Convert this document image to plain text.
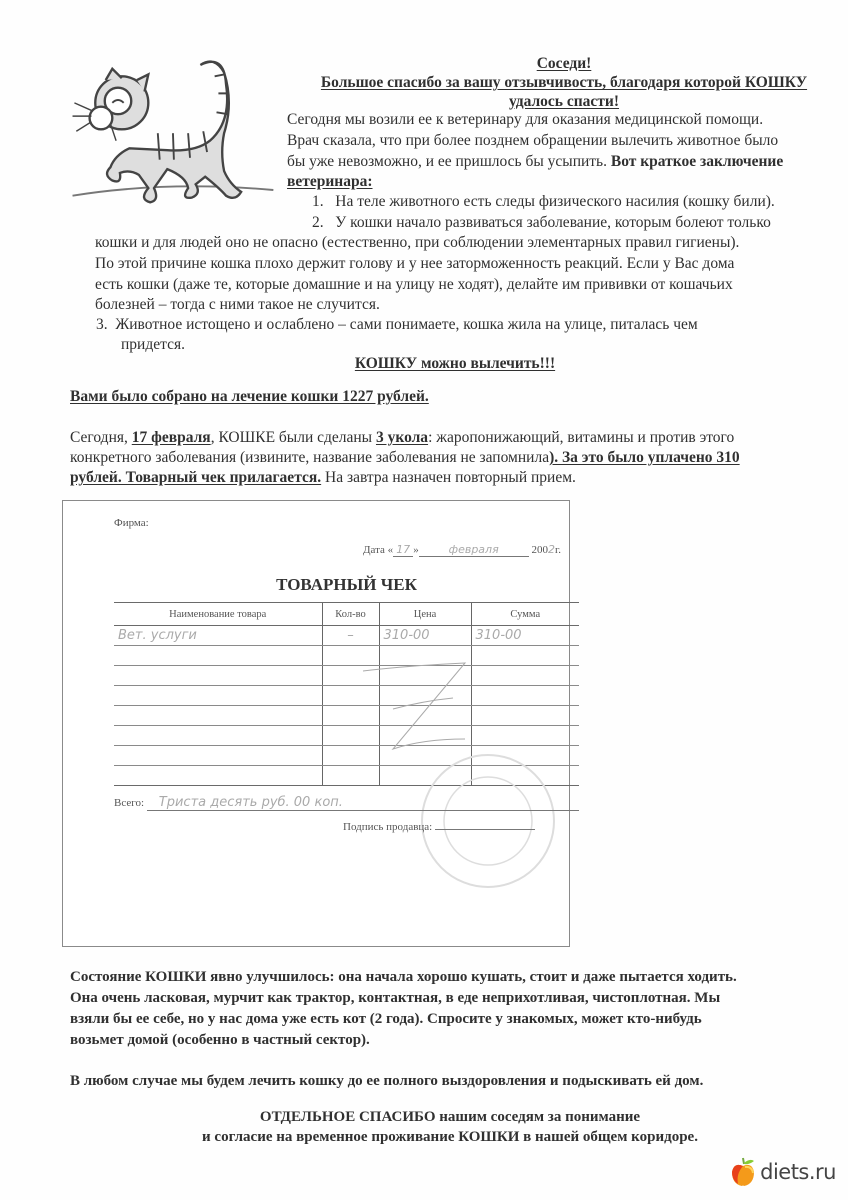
Соседи!
Большое спасибо за вашу отзывчивость, благодаря которой КОШКУ
удалось спасти!
Сегодня мы возили ее к ветеринару для оказания медицинской помощи.
Врач сказала, что при более позднем обращении вылечить животное было
бы уже невозможно, и ее пришлось бы усыпить. Вот краткое заключение
ветеринара:
1. На теле животного есть следы физического насилия (кошку били).
2. У кошки начало развиваться заболевание, которым болеют только
кошки и для людей оно не опасно (естественно, при соблюдении элементарных правил гигиены).
По этой причине кошка плохо держит голову и у нее заторможенность реакций. Если у Вас дома
есть кошки (даже те, которые домашние и на улицу не ходят), делайте им прививки от кошачьих
болезней – тогда с ними такое не случится.
3. Животное истощено и ослаблено – сами понимаете, кошка жила на улице, питалась чем
придется.
КОШКУ можно вылечить!!!
Вами было собрано на лечение кошки 1227 рублей.
Сегодня, 17 февраля, КОШКЕ были сделаны 3 укола: жаропонижающий, витамины и против этого
конкретного заболевания (извините, название заболевания не запомнила). За это было уплачено 310
рублей. Товарный чек прилагается. На завтра назначен повторный прием.
Фирма:
Дата « 17 »	февраля	2002г.
ТОВАРНЫЙ ЧЕК
Наименование товара	Кол-во	Цена	Сумма
Вет. услуги	–	310-00	310-00

Всего: Триста десять руб. 00 коп.
Подпись продавца:
Состояние КОШКИ явно улучшилось: она начала хорошо кушать, стоит и даже пытается ходить.
Она очень ласковая, мурчит как трактор, контактная, в еде неприхотливая, чистоплотная. Мы
взяли бы ее себе, но у нас дома уже есть кот (2 года). Спросите у знакомых, может кто-нибудь
возьмет домой (особенно в частный сектор).
В любом случае мы будем лечить кошку до ее полного выздоровления и подыскивать ей дом.
ОТДЕЛЬНОЕ СПАСИБО нашим соседям за понимание
и согласие на временное проживание КОШКИ в нашей общем коридоре.
diets.ru
